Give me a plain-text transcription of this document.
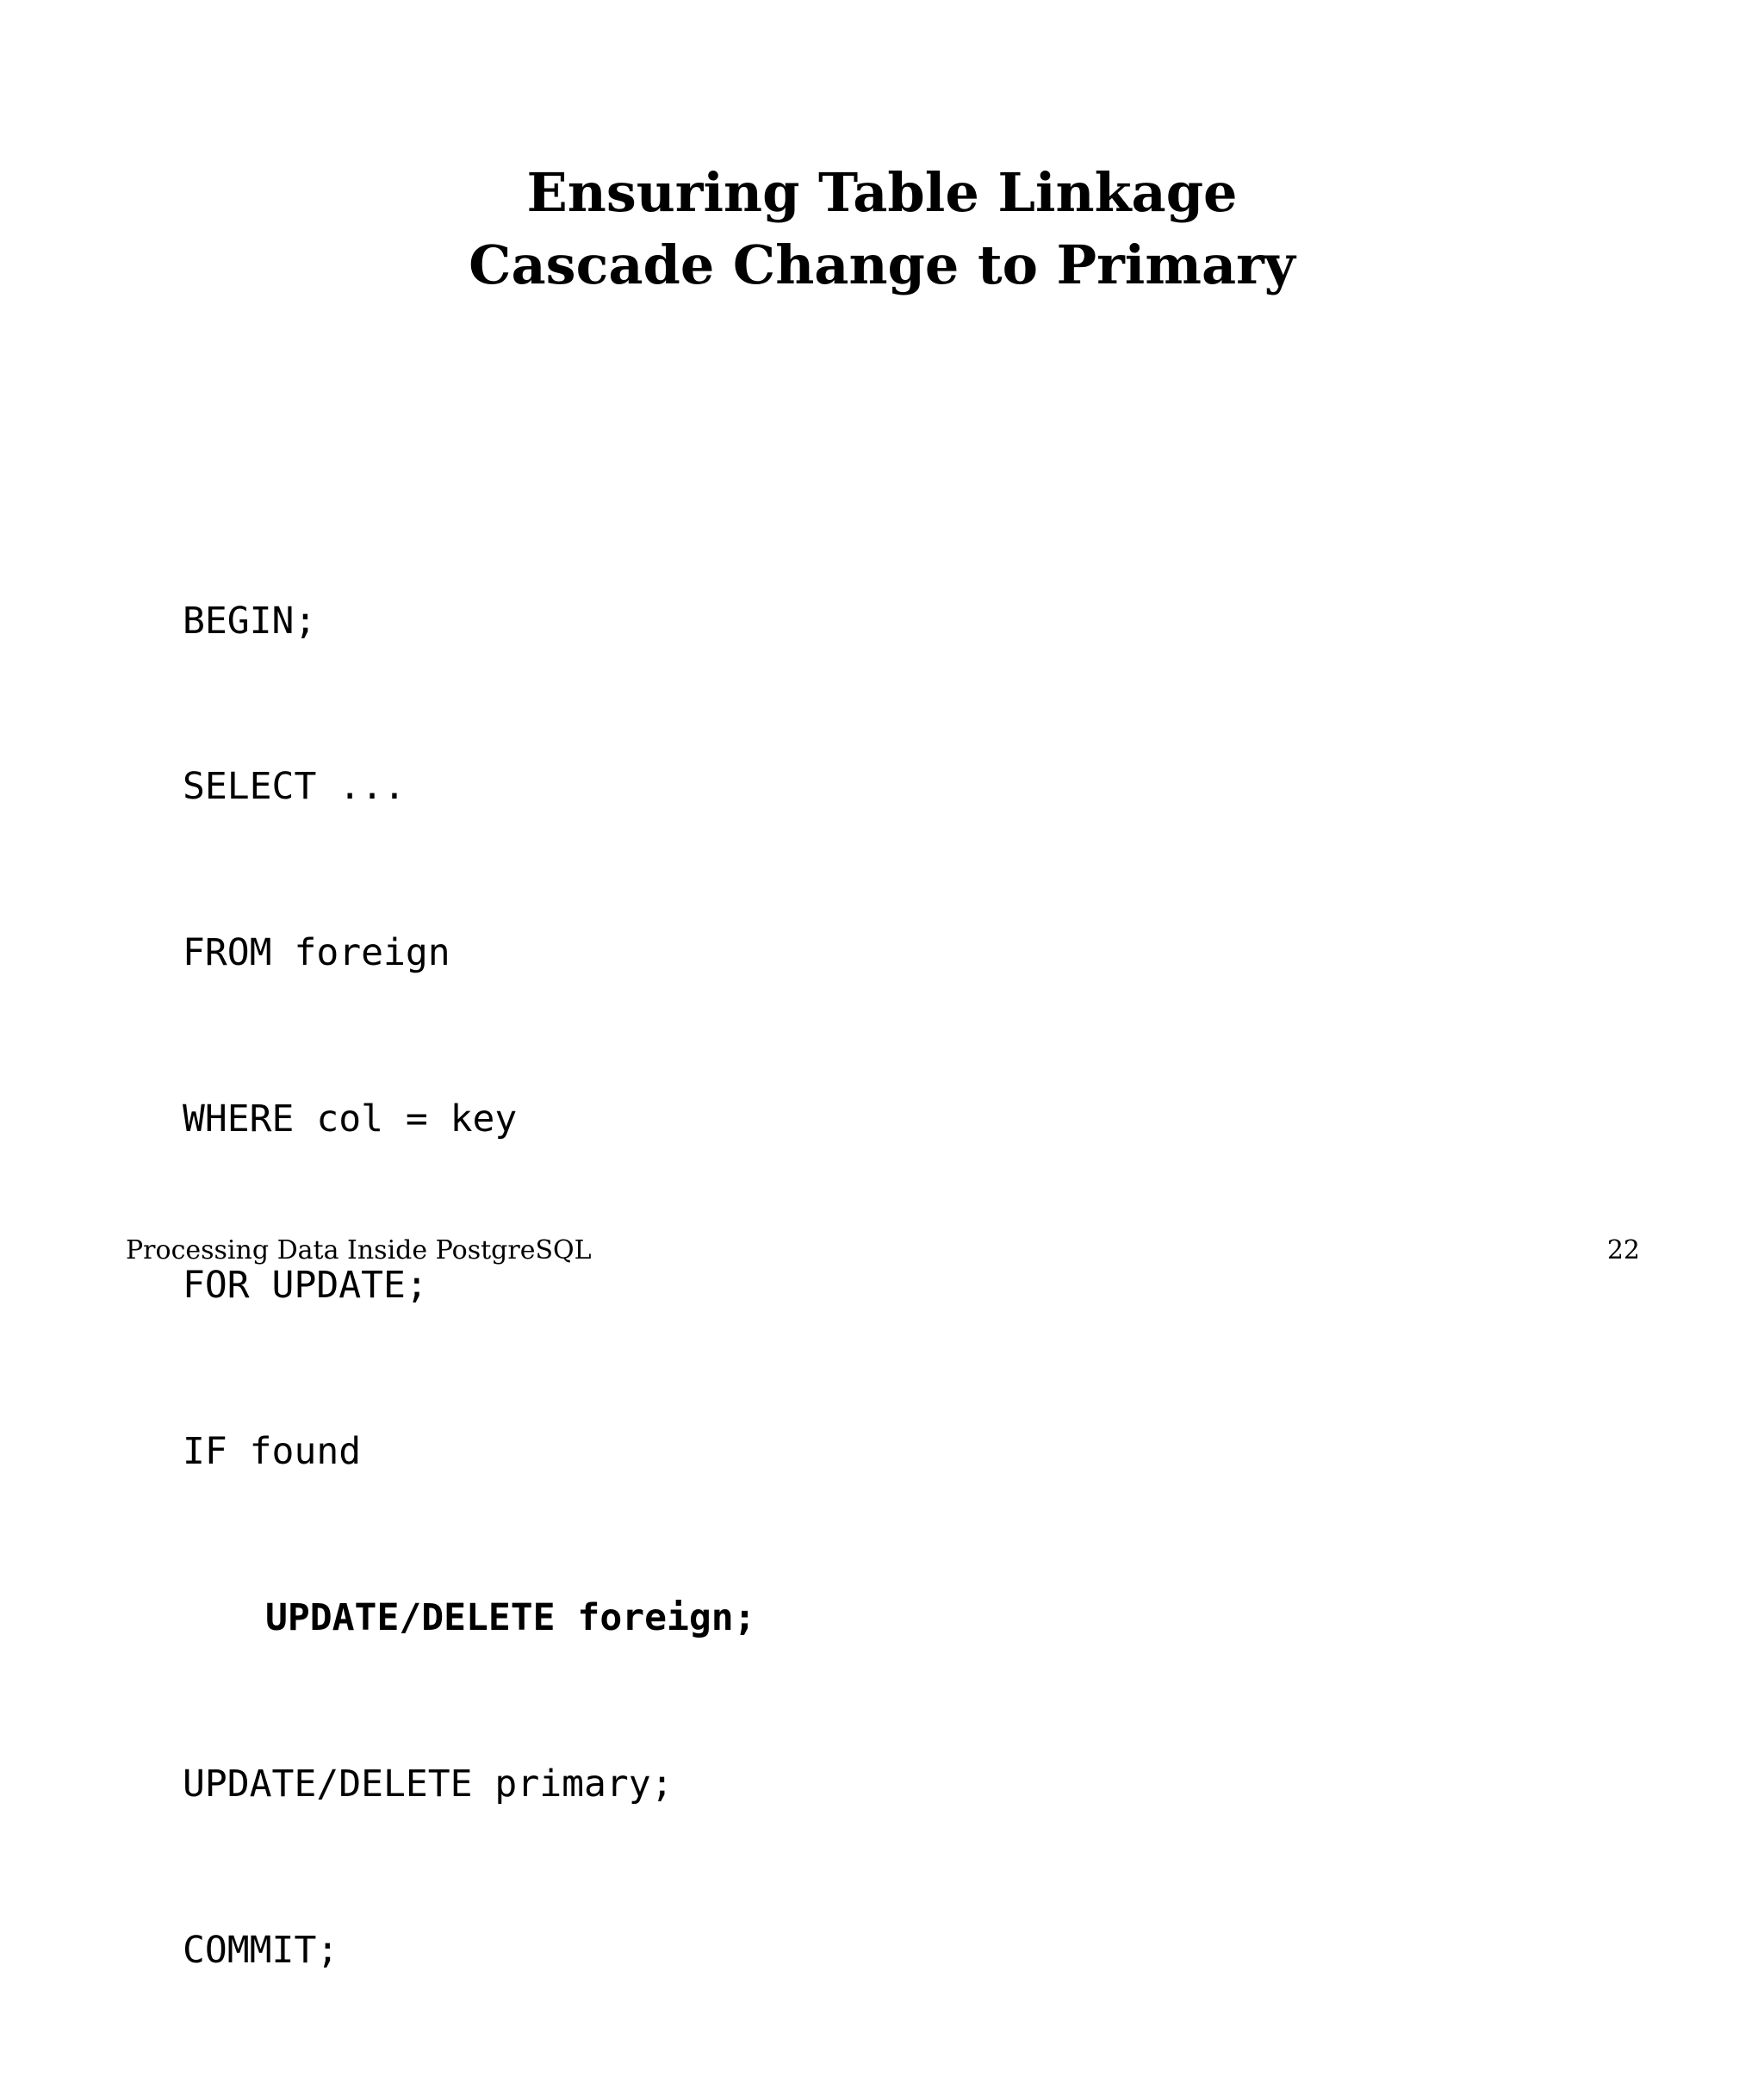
Ensuring Table Linkage
Cascade Change to Primary

BEGIN;

SELECT ...

FROM foreign

WHERE col = key

FOR UPDATE;

IF found

UPDATE/DELETE foreign;

UPDATE/DELETE primary;

COMMIT;

Processing Data Inside PostgreSQL	22
